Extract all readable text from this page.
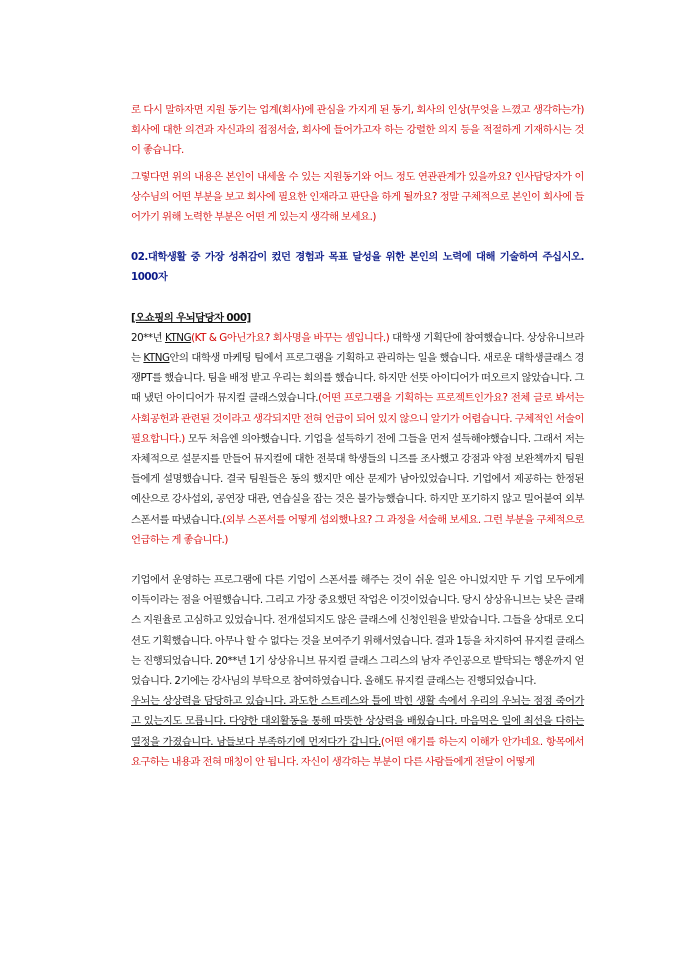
로 다시 말하자면 지원 동기는 업계(회사)에 관심을 가지게 된 동기, 회사의 인상(무엇을 느꼈고 생각하는가) 회사에 대한 의견과 자신과의 접점서술, 회사에 들어가고자 하는 강렬한 의지 등을 적절하게 기재하시는 것이 좋습니다.

그렇다면 위의 내용은 본인이 내세울 수 있는 지원동기와 어느 정도 연관관계가 있을까요? 인사담당자가 이상수님의 어떤 부분을 보고 회사에 필요한 인재라고 판단을 하게 될까요? 정말 구체적으로 본인이 회사에 들어가기 위해 노력한 부분은 어떤 게 있는지 생각해 보세요.)

02.대학생활 중 가장 성취감이 컸던 경험과 목표 달성을 위한 본인의 노력에 대해 기술하여 주십시오. 1000자

[오쇼핑의 우뇌담당자 000]

20**년 KTNG(KT & G아닌가요? 회사명을 바꾸는 셈입니다.) 대학생 기획단에 참여했습니다. 상상유니브라는 KTNG안의 대학생 마케팅 팀에서 프로그램을 기획하고 관리하는 일을 했습니다. 새로운 대학생클래스 경쟁PT를 했습니다. 팀을 배정 받고 우리는 회의를 했습니다. 하지만 선뜻 아이디어가 떠오르지 않았습니다. 그 때 냈던 아이디어가 뮤지컬 클래스였습니다.(어떤 프로그램을 기획하는 프로젝트인가요? 전체 글로 봐서는 사회공헌과 관련된 것이라고 생각되지만 전혀 언급이 되어 있지 않으니 알기가 어렵습니다. 구체적인 서술이 필요합니다.) 모두 처음엔 의아했습니다. 기업을 설득하기 전에 그들을 먼저 설득해야했습니다. 그래서 저는 자체적으로 설문지를 만들어 뮤지컬에 대한 전북대 학생들의 니즈를 조사했고 강점과 약점 보완책까지 팀원들에게 설명했습니다. 결국 팀원들은 동의 했지만 예산 문제가 남아있었습니다. 기업에서 제공하는 한정된 예산으로 강사섭외, 공연장 대관, 연습실을 잡는 것은 불가능했습니다. 하지만 포기하지 않고 밀어붙여 외부 스폰서를 따냈습니다.(외부 스폰서를 어떻게 섭외했나요? 그 과정을 서술해 보세요. 그런 부분을 구체적으로 언급하는 게 좋습니다.)

기업에서 운영하는 프로그램에 다른 기업이 스폰서를 해주는 것이 쉬운 일은 아니었지만 두 기업 모두에게 이득이라는 점을 어필했습니다. 그리고 가장 중요했던 작업은 이것이었습니다. 당시 상상유니브는 낮은 클래스 지원율로 고심하고 있었습니다. 전개설되지도 않은 클래스에 신청인원을 받았습니다. 그들을 상대로 오디션도 기획했습니다. 아무나 할 수 없다는 것을 보여주기 위해서였습니다. 결과 1등을 차지하여 뮤지컬 클래스는 진행되었습니다. 20**년 1기 상상유니브 뮤지컬 클래스 그리스의 남자 주인공으로 발탁되는 행운까지 얻었습니다. 2기에는 강사님의 부탁으로 참여하였습니다. 올해도 뮤지컬 클래스는 진행되었습니다.

우뇌는 상상력을 담당하고 있습니다. 과도한 스트레스와 틀에 박힌 생활 속에서 우리의 우뇌는 점점 죽어가고 있는지도 모릅니다. 다양한 대외활동을 통해 따뜻한 상상력을 배웠습니다. 마음먹은 일에 최선을 다하는 열정을 가졌습니다. 남들보다 부족하기에 먼저다가 갑니다.(어떤 얘기를 하는지 이해가 안가네요. 항목에서 요구하는 내용과 전혀 매칭이 안 됩니다. 자신이 생각하는 부분이 다른 사람들에게 전달이 어떻게
